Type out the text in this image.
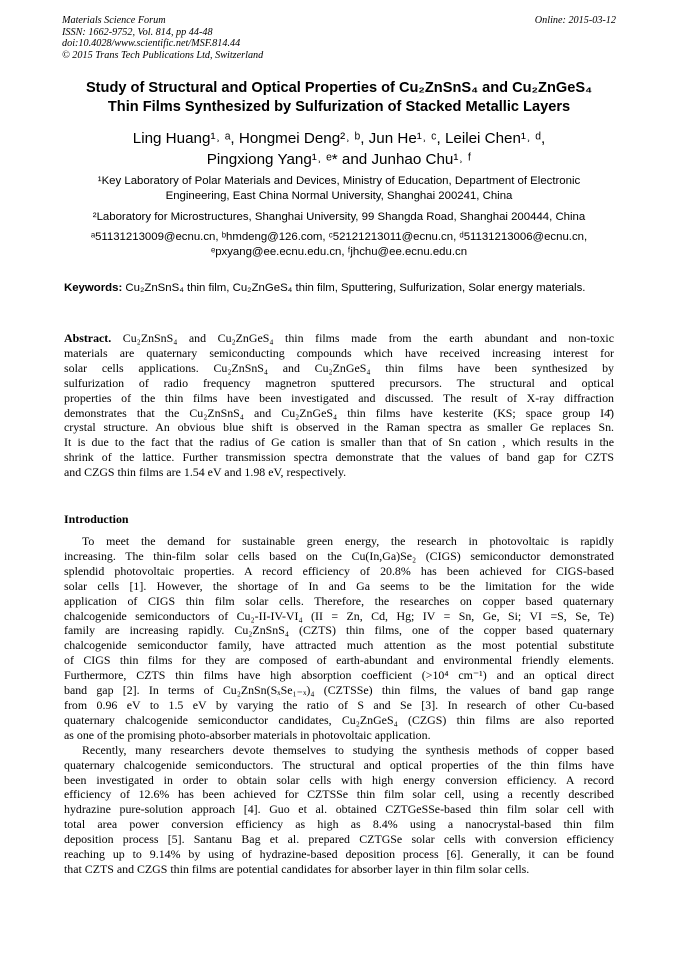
Materials Science Forum
ISSN: 1662-9752, Vol. 814, pp 44-48
doi:10.4028/www.scientific.net/MSF.814.44
© 2015 Trans Tech Publications Ltd, Switzerland
Online: 2015-03-12
Study of Structural and Optical Properties of Cu₂ZnSnS₄ and Cu₂ZnGeS₄
Thin Films Synthesized by Sulfurization of Stacked Metallic Layers
Ling Huang¹˒ ᵃ, Hongmei Deng²˒ ᵇ, Jun He¹˒ ᶜ, Leilei Chen¹˒ ᵈ,
Pingxiong Yang¹˒ ᵉ* and Junhao Chu¹˒ ᶠ
¹Key Laboratory of Polar Materials and Devices, Ministry of Education, Department of Electronic
Engineering, East China Normal University, Shanghai 200241, China
²Laboratory for Microstructures, Shanghai University, 99 Shangda Road, Shanghai 200444, China
ᵃ51131213009@ecnu.cn, ᵇhmdeng@126.com, ᶜ52121213011@ecnu.cn, ᵈ51131213006@ecnu.cn,
ᵉpxyang@ee.ecnu.edu.cn, ᶠjhchu@ee.ecnu.edu.cn
Keywords: Cu₂ZnSnS₄ thin film, Cu₂ZnGeS₄ thin film, Sputtering, Sulfurization, Solar energy materials.
Abstract. Cu₂ZnSnS₄ and Cu₂ZnGeS₄ thin films made from the earth abundant and non-toxic
materials are quaternary semiconducting compounds which have received increasing interest for
solar cells applications. Cu₂ZnSnS₄ and Cu₂ZnGeS₄ thin films have been synthesized by
sulfurization of radio frequency magnetron sputtered precursors. The structural and optical
properties of the thin films have been investigated and discussed. The result of X-ray diffraction
demonstrates that the Cu₂ZnSnS₄ and Cu₂ZnGeS₄ thin films have kesterite (KS; space group I4̄)
crystal structure. An obvious blue shift is observed in the Raman spectra as smaller Ge replaces Sn.
It is due to the fact that the radius of Ge cation is smaller than that of Sn cation , which results in the
shrink of the lattice. Further transmission spectra demonstrate that the values of band gap for CZTS
and CZGS thin films are 1.54 eV and 1.98 eV, respectively.
Introduction
To meet the demand for sustainable green energy, the research in photovoltaic is rapidly
increasing. The thin-film solar cells based on the Cu(In,Ga)Se₂ (CIGS) semiconductor demonstrated
splendid photovoltaic properties. A record efficiency of 20.8% has been achieved for CIGS-based
solar cells [1]. However, the shortage of In and Ga seems to be the limitation for the wide
application of CIGS thin film solar cells. Therefore, the researches on copper based quaternary
chalcogenide semiconductors of Cu₂-II-IV-VI₄ (II = Zn, Cd, Hg; IV = Sn, Ge, Si; VI =S, Se, Te)
family are increasing rapidly. Cu₂ZnSnS₄ (CZTS) thin films, one of the copper based quaternary
chalcogenide semiconductor family, have attracted much attention as the most potential substitute
of CIGS thin films for they are composed of earth-abundant and environmental friendly elements.
Furthermore, CZTS thin films have high absorption coefficient (>10⁴ cm⁻¹) and an optical direct
band gap [2]. In terms of Cu₂ZnSn(SₓSe₁₋ₓ)₄ (CZTSSe) thin films, the values of band gap range
from 0.96 eV to 1.5 eV by varying the ratio of S and Se [3]. In research of other Cu-based
quaternary chalcogenide semiconductor candidates, Cu₂ZnGeS₄ (CZGS) thin films are also reported
as one of the promising photo-absorber materials in photovoltaic application.
Recently, many researchers devote themselves to studying the synthesis methods of copper based
quaternary chalcogenide semiconductors. The structural and optical properties of the thin films have
been investigated in order to obtain solar cells with high energy conversion efficiency. A record
efficiency of 12.6% has been achieved for CZTSSe thin film solar cell, using a recently described
hydrazine pure-solution approach [4]. Guo et al. obtained CZTGeSSe-based thin film solar cell with
total area power conversion efficiency as high as 8.4% using a nanocrystal-based thin film
deposition process [5]. Santanu Bag et al. prepared CZTGSe solar cells with conversion efficiency
reaching up to 9.14% by using of hydrazine-based deposition process [6]. Generally, it can be found
that CZTS and CZGS thin films are potential candidates for absorber layer in thin film solar cells.
